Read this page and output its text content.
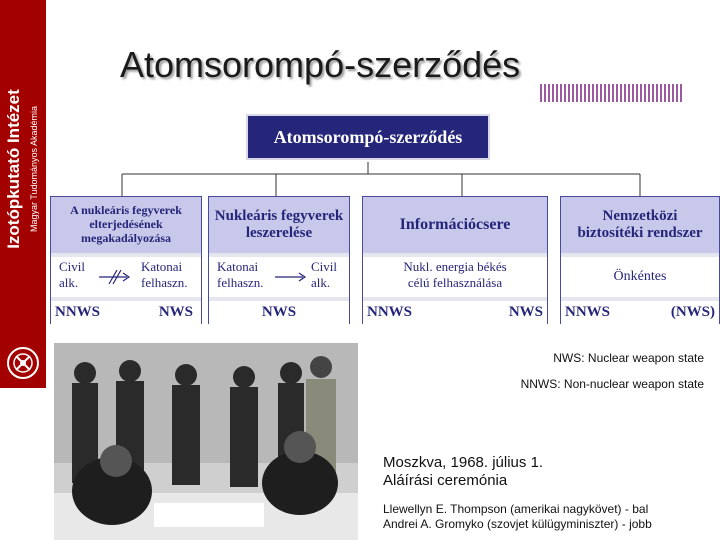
Izotópkutató Intézet Magyar Tudományos Akadémia
Atomsorompó-szerződés
Atomsorompó-szerződés
A nukleáris fegyverek
elterjedésének
megakadályozása
Civil
alk.
Katonai
felhaszn.
NNWS	NWS
Nukleáris fegyverek
leszerelése
Katonai
felhaszn.
Civil
alk.
NWS
Információcsere
Nukl. energia békés
célú felhasználása
NNWS	NWS
Nemzetközi
biztosítéki rendszer
Önkéntes
NNWS	(NWS)
NWS: Nuclear weapon state
NNWS: Non-nuclear weapon state
Moszkva, 1968. július 1.
Aláírási ceremónia
Llewellyn E. Thompson (amerikai nagykövet) - bal
Andrei A. Gromyko (szovjet külügyminiszter) - jobb
